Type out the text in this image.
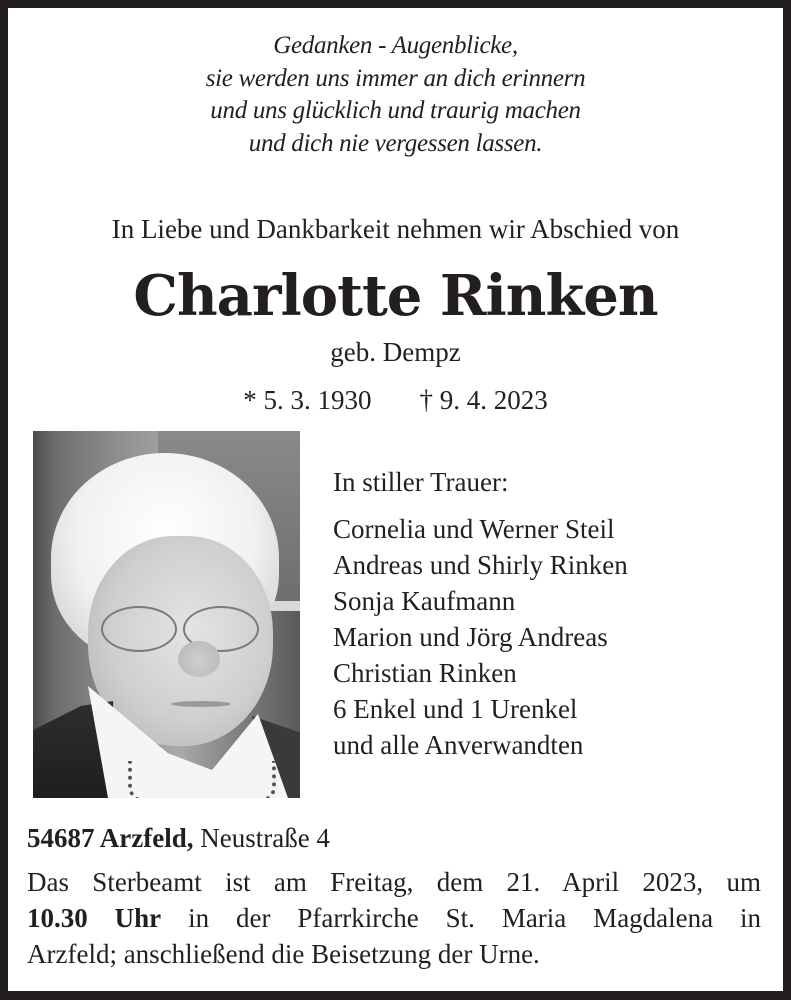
Gedanken - Augenblicke,
sie werden uns immer an dich erinnern
und uns glücklich und traurig machen
und dich nie vergessen lassen.
In Liebe und Dankbarkeit nehmen wir Abschied von
Charlotte Rinken
geb. Dempz
* 5. 3. 1930 † 9. 4. 2023
In stiller Trauer:
Cornelia und Werner Steil
Andreas und Shirly Rinken
Sonja Kaufmann
Marion und Jörg Andreas
Christian Rinken
6 Enkel und 1 Urenkel
und alle Anverwandten
54687 Arzfeld, Neustraße 4
Das Sterbeamt ist am Freitag, dem 21. April 2023, um
10.30 Uhr in der Pfarrkirche St. Maria Magdalena in
Arzfeld; anschließend die Beisetzung der Urne.
